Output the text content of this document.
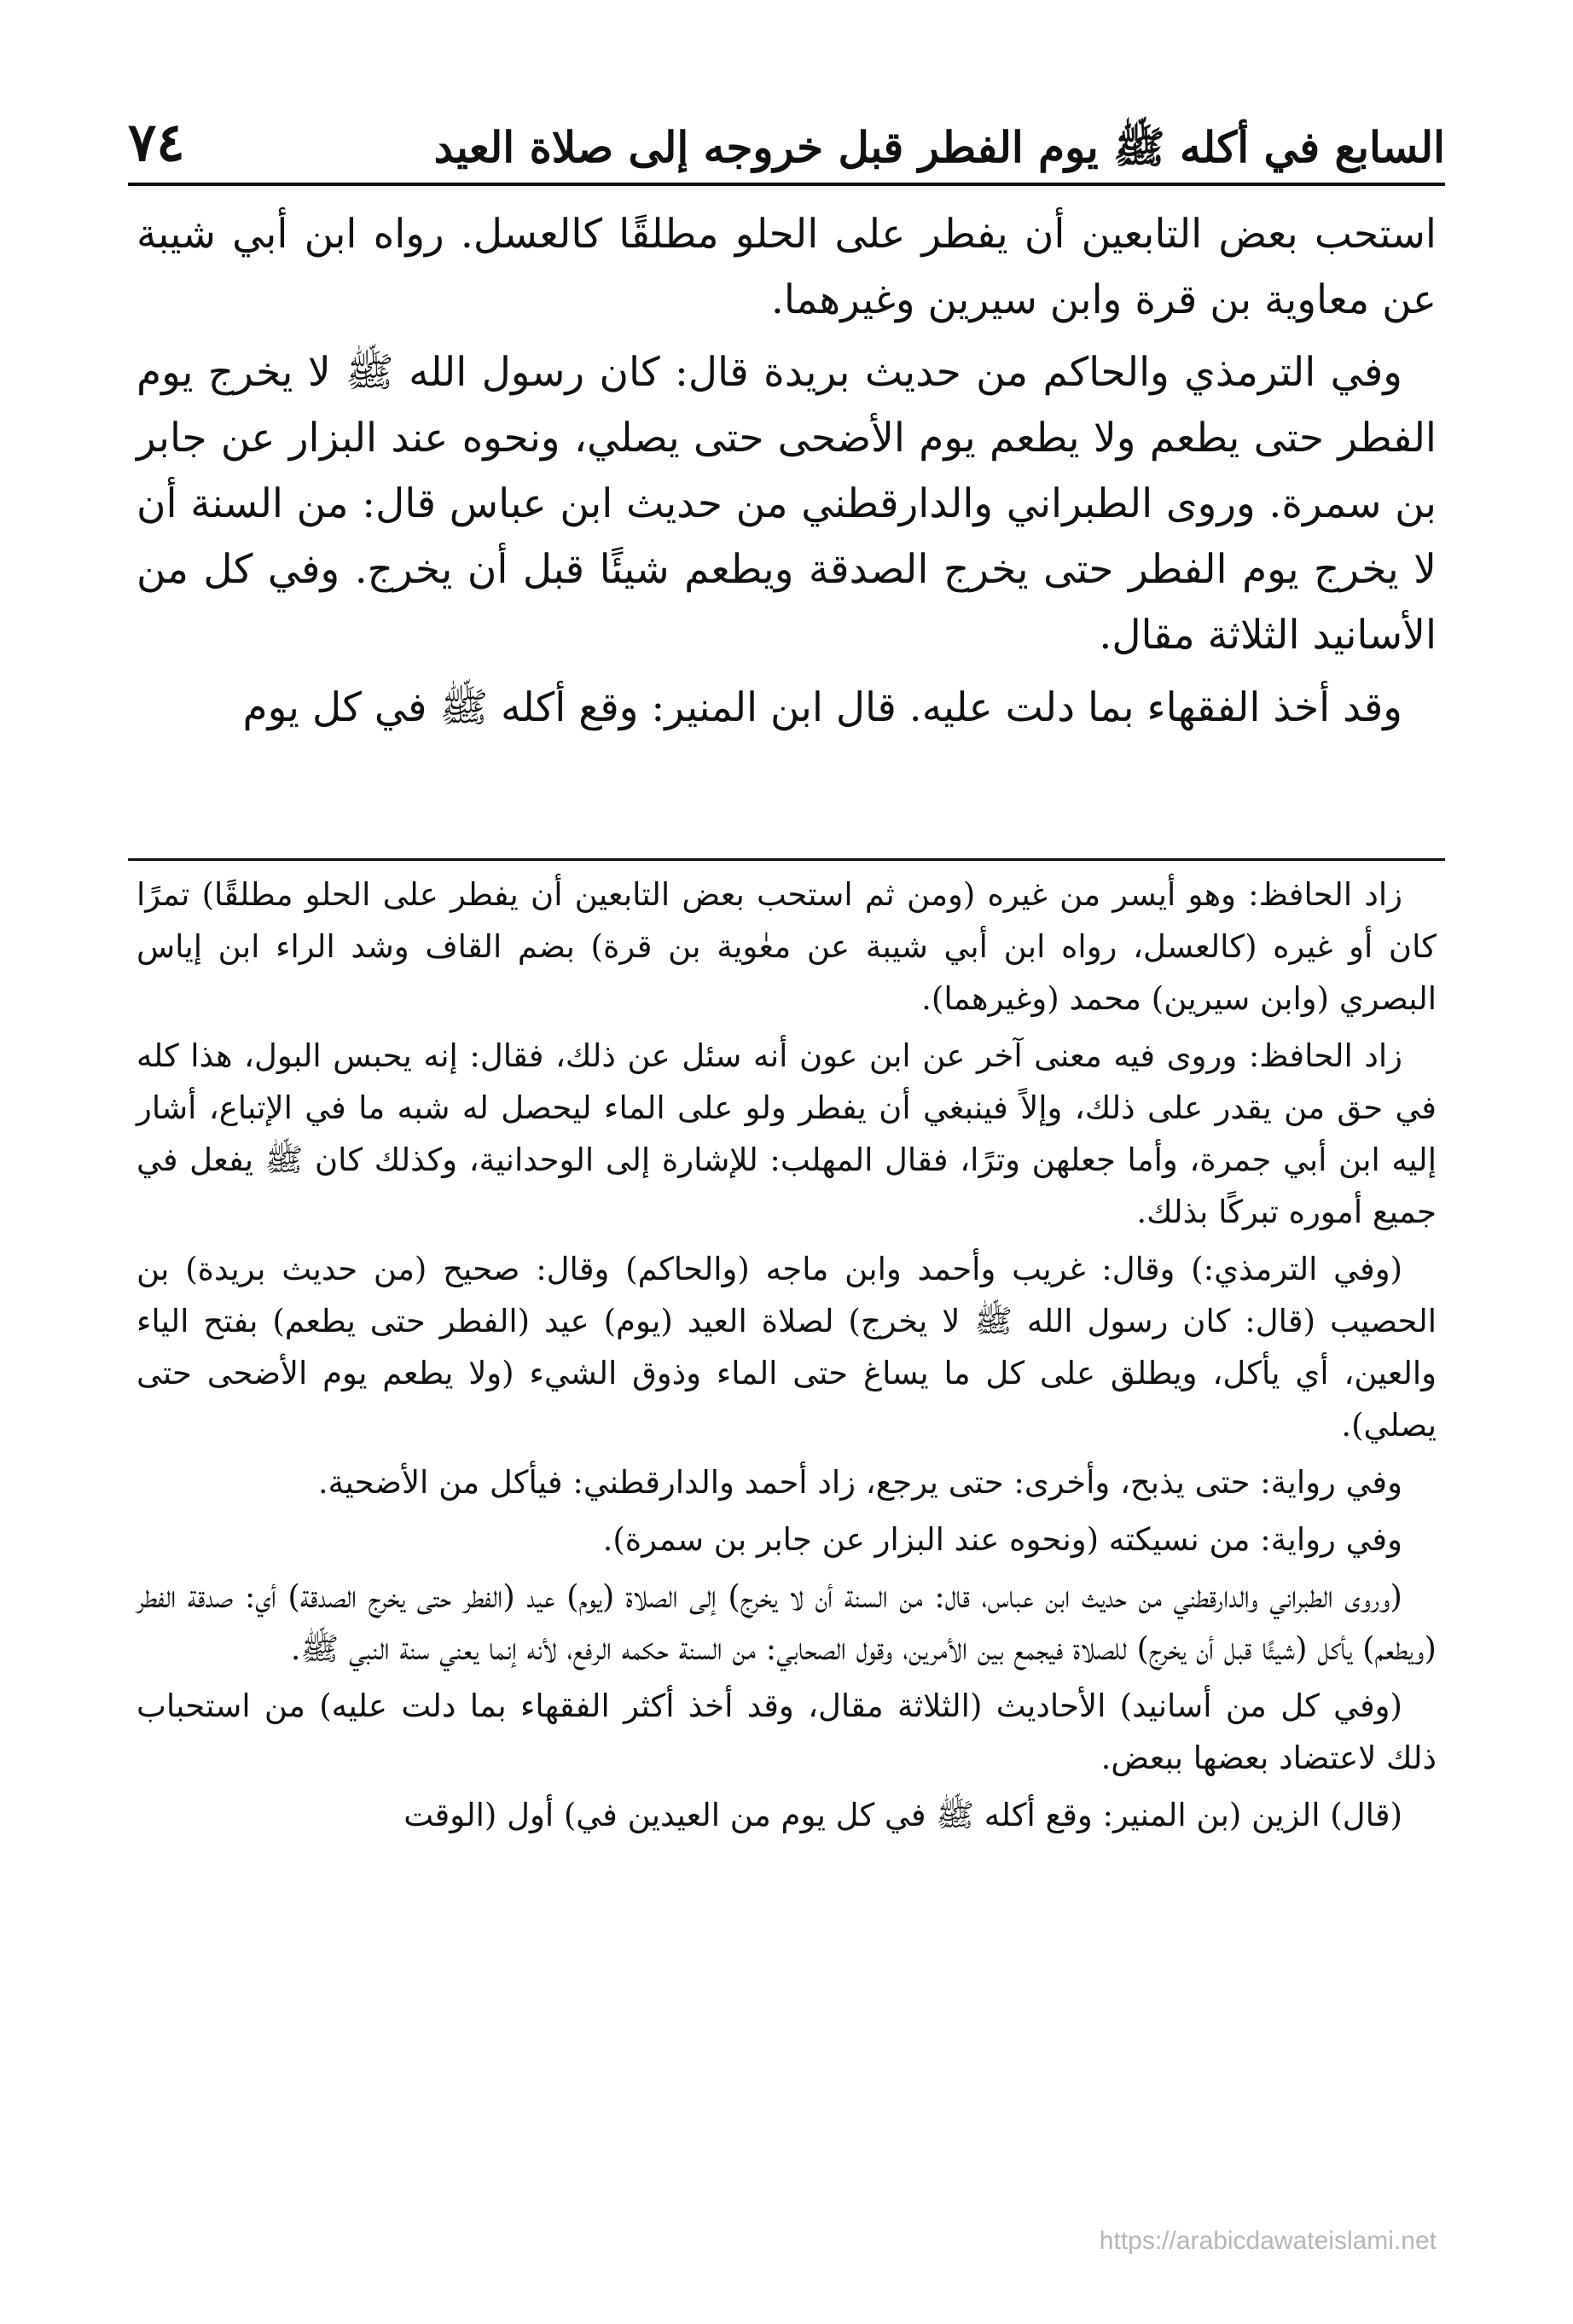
السابع في أكله ﷺ يوم الفطر قبل خروجه إلى صلاة العيد
٧٤

استحب بعض التابعين أن يفطر على الحلو مطلقًا كالعسل. رواه ابن أبي شيبة عن معاوية بن قرة وابن سيرين وغيرهما.

وفي الترمذي والحاكم من حديث بريدة قال: كان رسول الله ﷺ لا يخرج يوم الفطر حتى يطعم ولا يطعم يوم الأضحى حتى يصلي، ونحوه عند البزار عن جابر بن سمرة. وروى الطبراني والدارقطني من حديث ابن عباس قال: من السنة أن لا يخرج يوم الفطر حتى يخرج الصدقة ويطعم شيئًا قبل أن يخرج. وفي كل من الأسانيد الثلاثة مقال.

وقد أخذ الفقهاء بما دلت عليه. قال ابن المنير: وقع أكله ﷺ في كل يوم

زاد الحافظ: وهو أيسر من غيره (ومن ثم استحب بعض التابعين أن يفطر على الحلو مطلقًا) تمرًا كان أو غيره (كالعسل، رواه ابن أبي شيبة عن معٰوية بن قرة) بضم القاف وشد الراء ابن إياس البصري (وابن سيرين) محمد (وغيرهما).

زاد الحافظ: وروى فيه معنى آخر عن ابن عون أنه سئل عن ذلك، فقال: إنه يحبس البول، هذا كله في حق من يقدر على ذلك، وإلاً فينبغي أن يفطر ولو على الماء ليحصل له شبه ما في الإتباع، أشار إليه ابن أبي جمرة، وأما جعلهن وترًا، فقال المهلب: للإشارة إلى الوحدانية، وكذلك كان ﷺ يفعل في جميع أموره تبركًا بذلك.

(وفي الترمذي:) وقال: غريب وأحمد وابن ماجه (والحاكم) وقال: صحيح (من حديث بريدة) بن الحصيب (قال: كان رسول الله ﷺ لا يخرج) لصلاة العيد (يوم) عيد (الفطر حتى يطعم) بفتح الياء والعين، أي يأكل، ويطلق على كل ما يساغ حتى الماء وذوق الشيء (ولا يطعم يوم الأضحى حتى يصلي).

وفي رواية: حتى يذبح، وأخرى: حتى يرجع، زاد أحمد والدارقطني: فيأكل من الأضحية.

وفي رواية: من نسيكته (ونحوه عند البزار عن جابر بن سمرة).

(وروى الطبراني والدارقطني من حديث ابن عباس، قال: من السنة أن لا يخرج) إلى الصلاة (يوم) عيد (الفطر حتى يخرج الصدقة) أي: صدقة الفطر (ويطعم) يأكل (شيئًا قبل أن يخرج) للصلاة فيجمع بين الأمرين، وقول الصحابي: من السنة حكمه الرفع، لأنه إنما يعني سنة النبي ﷺ.

(وفي كل من أسانيد) الأحاديث (الثلاثة مقال، وقد أخذ أكثر الفقهاء بما دلت عليه) من استحباب ذلك لاعتضاد بعضها ببعض.

(قال) الزين (بن المنير: وقع أكله ﷺ في كل يوم من العيدين في) أول (الوقت

https://arabicdawateislami.net
